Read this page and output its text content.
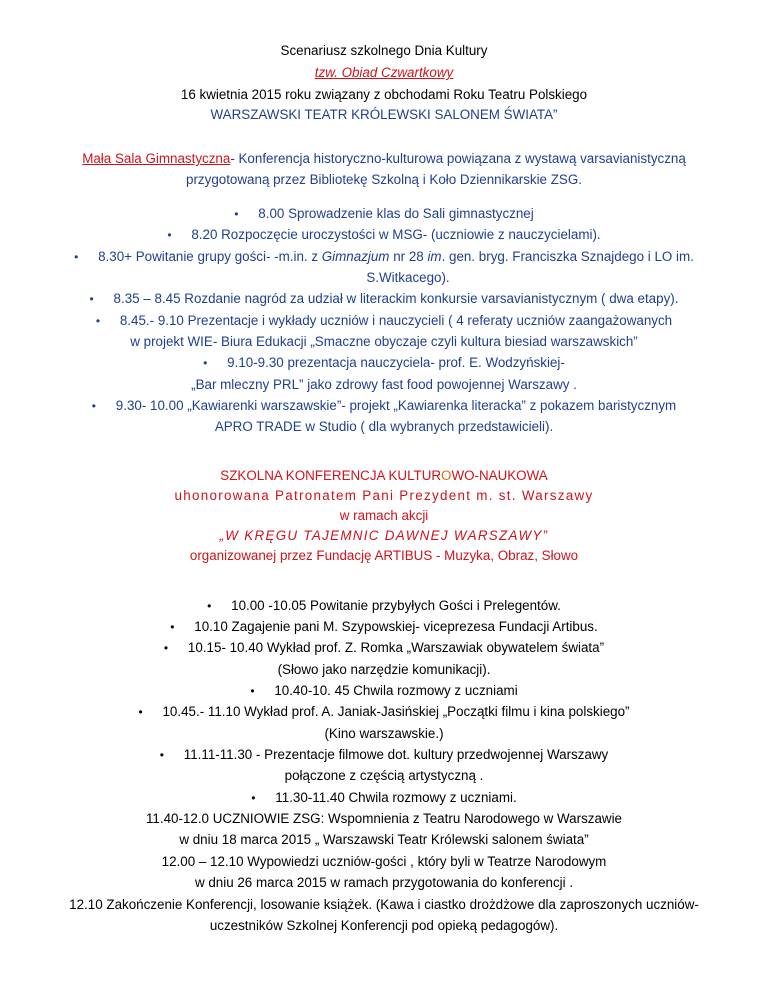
Scenariusz szkolnego Dnia Kultury
tzw. Obiad Czwartkowy
16 kwietnia 2015 roku związany z obchodami Roku Teatru Polskiego
WARSZAWSKI TEATR KRÓLEWSKI SALONEM ŚWIATA”
Mała Sala Gimnastyczna- Konferencja historyczno-kulturowa powiązana z wystawą varsavianistyczną
przygotowaną przez Bibliotekę Szkolną i Koło Dziennikarskie ZSG.
• 8.00 Sprowadzenie klas do Sali gimnastycznej
• 8.20 Rozpoczęcie uroczystości w MSG- (uczniowie z nauczycielami).
• 8.30+ Powitanie grupy gości- -m.in. z Gimnazjum nr 28 im. gen. bryg. Franciszka Sznajdego i LO im.
S.Witkacego).
• 8.35 – 8.45 Rozdanie nagród za udział w literackim konkursie varsavianistycznym ( dwa etapy).
• 8.45.- 9.10 Prezentacje i wykłady uczniów i nauczycieli ( 4 referaty uczniów zaangażowanych
w projekt WIE- Biura Edukacji „Smaczne obyczaje czyli kultura biesiad warszawskich”
• 9.10-9.30 prezentacja nauczyciela- prof. E. Wodzyńskiej-
„Bar mleczny PRL” jako zdrowy fast food powojennej Warszawy .
• 9.30- 10.00 „Kawiarenki warszawskie”- projekt „Kawiarenka literacka” z pokazem baristycznym
APRO TRADE w Studio ( dla wybranych przedstawicieli).
SZKOLNA KONFERENCJA KULTUROWO-NAUKOWA
uhonorowana Patronatem Pani Prezydent m. st. Warszawy
w ramach akcji
„W KRĘGU TAJEMNIC DAWNEJ WARSZAWY”
organizowanej przez Fundację ARTIBUS - Muzyka, Obraz, Słowo
• 10.00 -10.05 Powitanie przybyłych Gości i Prelegentów.
• 10.10 Zagajenie pani M. Szypowskiej- viceprezesa Fundacji Artibus.
• 10.15- 10.40 Wykład prof. Z. Romka „Warszawiak obywatelem świata”
(Słowo jako narzędzie komunikacji).
• 10.40-10. 45 Chwila rozmowy z uczniami
• 10.45.- 11.10 Wykład prof. A. Janiak-Jasińskiej „Początki filmu i kina polskiego”
(Kino warszawskie.)
• 11.11-11.30 - Prezentacje filmowe dot. kultury przedwojennej Warszawy
połączone z częścią artystyczną .
• 11.30-11.40 Chwila rozmowy z uczniami.
11.40-12.0 UCZNIOWIE ZSG: Wspomnienia z Teatru Narodowego w Warszawie
w dniu 18 marca 2015 „ Warszawski Teatr Królewski salonem świata”
12.00 – 12.10 Wypowiedzi uczniów-gości , który byli w Teatrze Narodowym
w dniu 26 marca 2015 w ramach przygotowania do konferencji .
12.10 Zakończenie Konferencji, losowanie książek. (Kawa i ciastko drożdżowe dla zaproszonych uczniów-
uczestników Szkolnej Konferencji pod opieką pedagogów).
